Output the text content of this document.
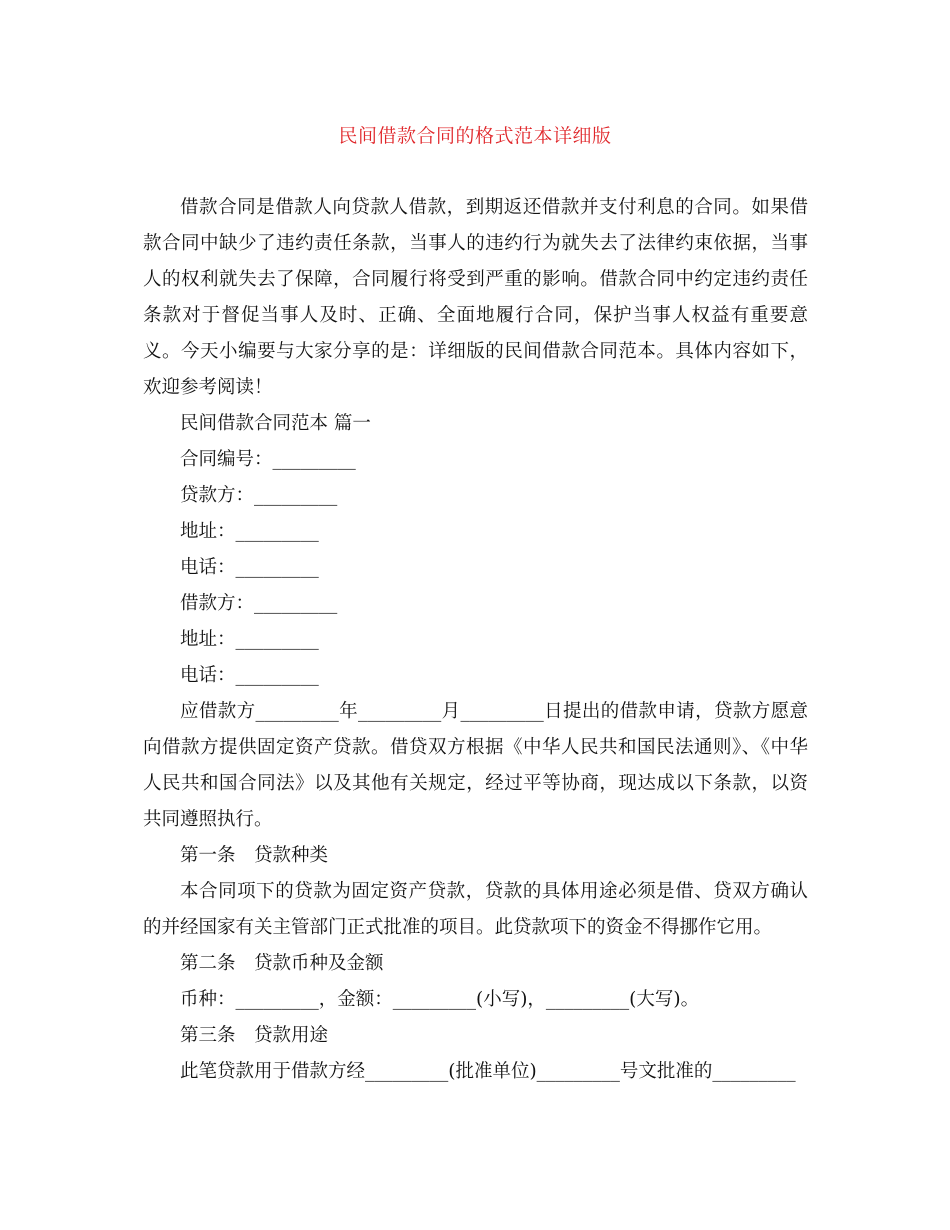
民间借款合同的格式范本详细版

借款合同是借款人向贷款人借款，到期返还借款并支付利息的合同。如果借款合同中缺少了违约责任条款，当事人的违约行为就失去了法律约束依据，当事人的权利就失去了保障，合同履行将受到严重的影响。借款合同中约定违约责任条款对于督促当事人及时、正确、全面地履行合同，保护当事人权益有重要意义。今天小编要与大家分享的是：详细版的民间借款合同范本。具体内容如下，欢迎参考阅读！

民间借款合同范本 篇一

合同编号：_________

贷款方：_________

地址：_________

电话：_________

借款方：_________

地址：_________

电话：_________

应借款方_________年_________月_________日提出的借款申请，贷款方愿意向借款方提供固定资产贷款。借贷双方根据《中华人民共和国民法通则》、《中华人民共和国合同法》以及其他有关规定，经过平等协商，现达成以下条款，以资共同遵照执行。

第一条　贷款种类

本合同项下的贷款为固定资产贷款，贷款的具体用途必须是借、贷双方确认的并经国家有关主管部门正式批准的项目。此贷款项下的资金不得挪作它用。

第二条　贷款币种及金额

币种：_________，金额：_________(小写)，_________(大写)。

第三条　贷款用途

此笔贷款用于借款方经_________(批准单位)_________号文批准的_________
